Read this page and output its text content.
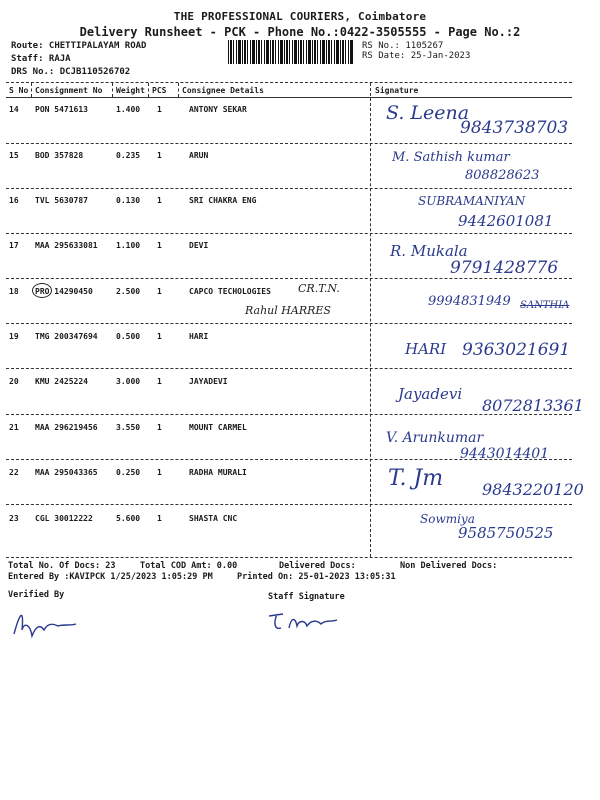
THE PROFESSIONAL COURIERS, Coimbatore
Delivery Runsheet - PCK - Phone No.:0422-3505555 - Page No.:2
Route: CHETTIPALAYAM ROAD
Staff: RAJA
DRS No.: DCJB110526702
RS No.: 1105267
RS Date: 25-Jan-2023
S No Consignment No Weight PCS Consignee Details	Signature
14 PON 5471613	1.400 1	ANTONY SEKAR	S. Leena
9843738703
15 BOD 357828	0.235 1	ARUN	M. Sathish kumar
808828623
16 TVL 5630787	0.130 1	SRI CHAKRA ENG	SUBRAMANIYAN
9442601081
17 MAA 295633081 1.100 1	DEVI	R. Mukala
9791428776
18 PRO 14290450	2.500 1	CAPCO TECHOLOGIES CR.T.N.
Rahul HARRES
9994831949 SANTHIA
19 TMG 200347694 0.500 1	HARI
HARI 9363021691
20 KMU 2425224	3.000 1	JAYADEVI
Jayadevi
8072813361
21 MAA 296219456 3.550 1	MOUNT CARMEL
V. Arunkumar
9443014401
22 MAA 295043365 0.250 1	RADHA MURALI	T. Jm 9843220120
23 CGL 30012222	5.600 1	SHASTA CNC	Sowmiya
9585750525
Total No. Of Docs: 23	Total COD Amt: 0.00	Delivered Docs:	Non Delivered Docs:
Entered By :KAVIPCK 1/25/2023 1:05:29 PM	Printed On: 25-01-2023 13:05:31
Verified By	Staff Signature
